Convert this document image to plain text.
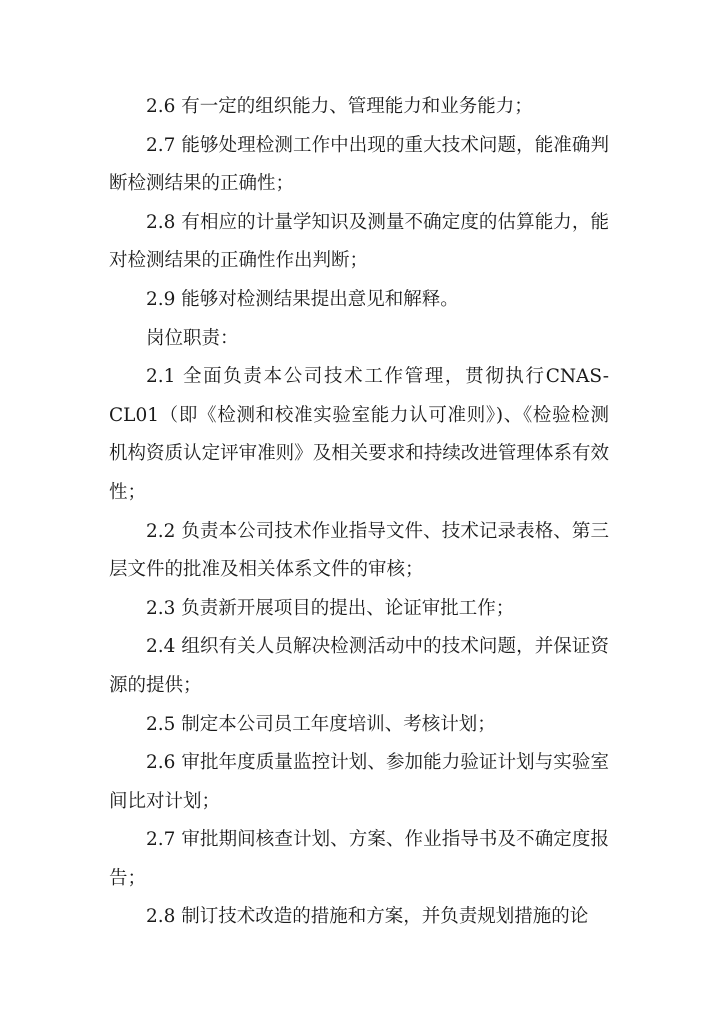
2.6 有一定的组织能力、管理能力和业务能力；

2.7 能够处理检测工作中出现的重大技术问题，能准确判断检测结果的正确性；

2.8 有相应的计量学知识及测量不确定度的估算能力，能对检测结果的正确性作出判断；

2.9 能够对检测结果提出意见和解释。

岗位职责：

2.1 全面负责本公司技术工作管理，贯彻执行CNAS-CL01（即《检测和校准实验室能力认可准则》)、《检验检测机构资质认定评审准则》及相关要求和持续改进管理体系有效性；

2.2 负责本公司技术作业指导文件、技术记录表格、第三层文件的批准及相关体系文件的审核；

2.3 负责新开展项目的提出、论证审批工作；

2.4 组织有关人员解决检测活动中的技术问题，并保证资源的提供；

2.5 制定本公司员工年度培训、考核计划；

2.6 审批年度质量监控计划、参加能力验证计划与实验室间比对计划；

2.7 审批期间核查计划、方案、作业指导书及不确定度报告；

2.8 制订技术改造的措施和方案，并负责规划措施的论
